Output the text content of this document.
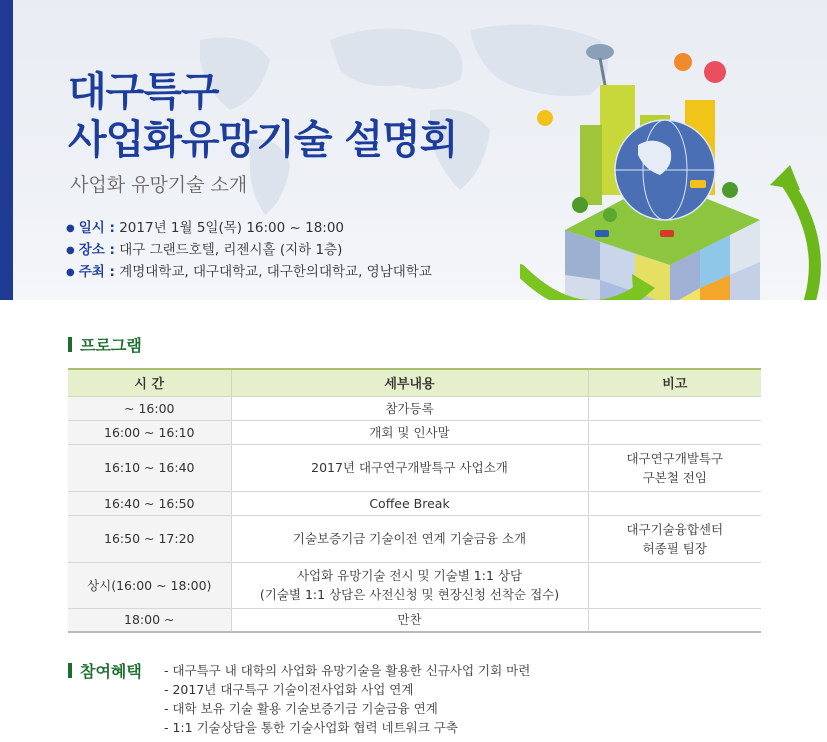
대구특구
사업화유망기술 설명회
사업화 유망기술 소개
● 일시 : 2017년 1월 5일(목) 16:00 ~ 18:00
● 장소 : 대구 그랜드호텔, 리젠시홀 (지하 1층)
● 주최 : 계명대학교, 대구대학교, 대구한의대학교, 영남대학교
프로그램
시 간	세부내용	비고
~ 16:00	참가등록	
16:00 ~ 16:10	개회 및 인사말	
16:10 ~ 16:40	2017년 대구연구개발특구 사업소개	대구연구개발특구
구본철 전임

16:40 ~ 16:50	Coffee Break	
16:50 ~ 17:20	기술보증기금 기술이전 연계 기술금융 소개	대구기술융합센터
허종필 팀장

상시(16:00 ~ 18:00)	사업화 유망기술 전시 및 기술별 1:1 상담
(기술별 1:1 상담은 사전신청 및 현장신청 선착순 접수)	

18:00 ~	만찬	
참여혜택 - 대구특구 내 대학의 사업화 유망기술을 활용한 신규사업 기회 마련
- 2017년 대구특구 기술이전사업화 사업 연계
- 대학 보유 기술 활용 기술보증기금 기술금융 연계
- 1:1 기술상담을 통한 기술사업화 협력 네트워크 구축
